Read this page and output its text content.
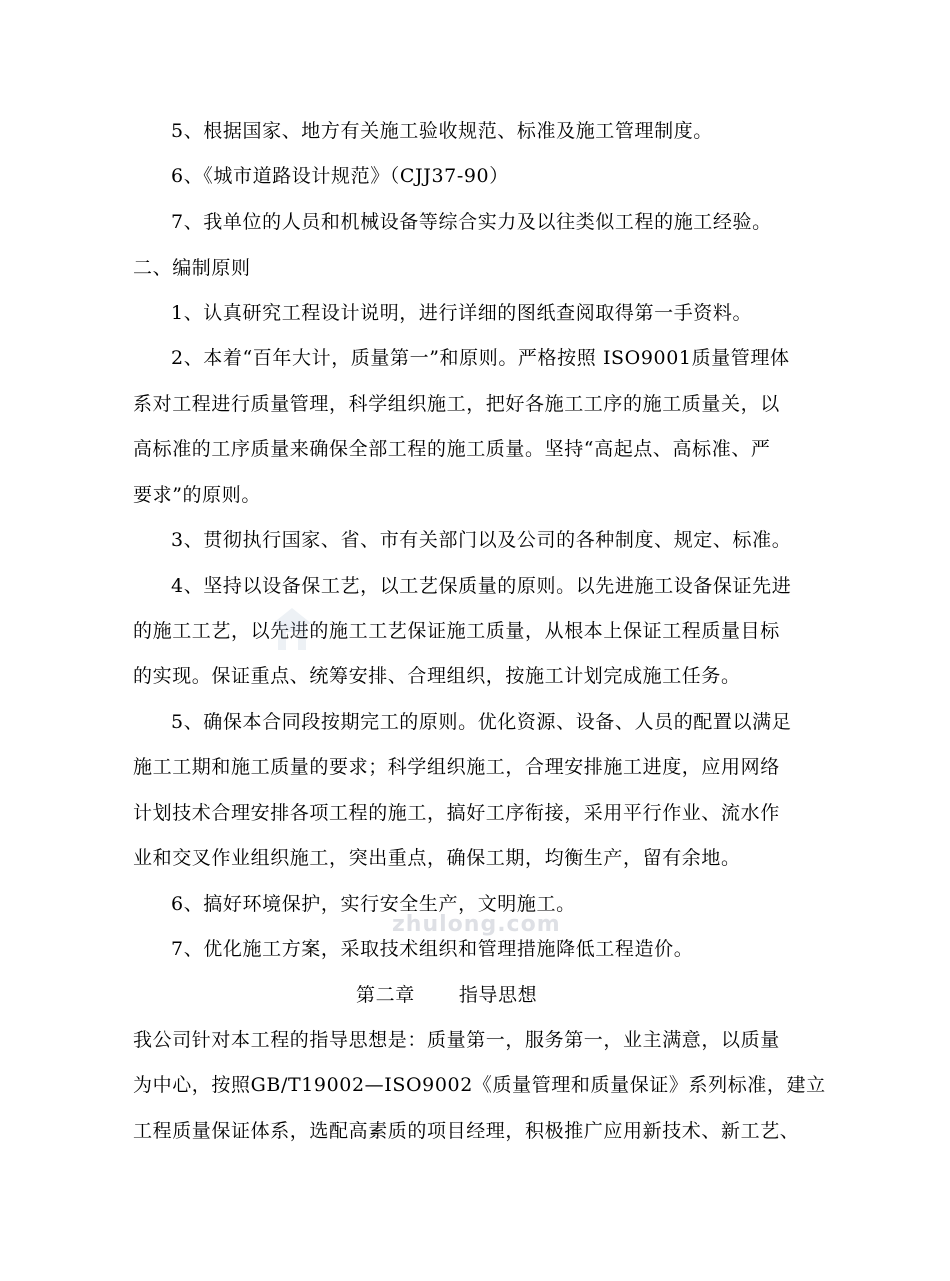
5、根据国家、地方有关施工验收规范、标准及施工管理制度。
6、《城市道路设计规范》（CJJ37-90）
7、我单位的人员和机械设备等综合实力及以往类似工程的施工经验。
二、编制原则
1、认真研究工程设计说明，进行详细的图纸查阅取得第一手资料。
2、本着“百年大计，质量第一”和原则。严格按照 ISO9001质量管理体
系对工程进行质量管理，科学组织施工，把好各施工工序的施工质量关，以
高标准的工序质量来确保全部工程的施工质量。坚持“高起点、高标准、严
要求”的原则。
3、贯彻执行国家、省、市有关部门以及公司的各种制度、规定、标准。
4、坚持以设备保工艺，以工艺保质量的原则。以先进施工设备保证先进
的施工工艺，以先进的施工工艺保证施工质量，从根本上保证工程质量目标
的实现。保证重点、统筹安排、合理组织，按施工计划完成施工任务。
5、确保本合同段按期完工的原则。优化资源、设备、人员的配置以满足
施工工期和施工质量的要求；科学组织施工，合理安排施工进度，应用网络
计划技术合理安排各项工程的施工，搞好工序衔接，采用平行作业、流水作
业和交叉作业组织施工，突出重点，确保工期，均衡生产，留有余地。
6、搞好环境保护，实行安全生产，文明施工。
7、优化施工方案，采取技术组织和管理措施降低工程造价。
第二章 指导思想
我公司针对本工程的指导思想是：质量第一，服务第一，业主满意，以质量
为中心，按照GB/T19002—ISO9002《质量管理和质量保证》系列标准，建立
工程质量保证体系，选配高素质的项目经理，积极推广应用新技术、新工艺、
zhulong.com
